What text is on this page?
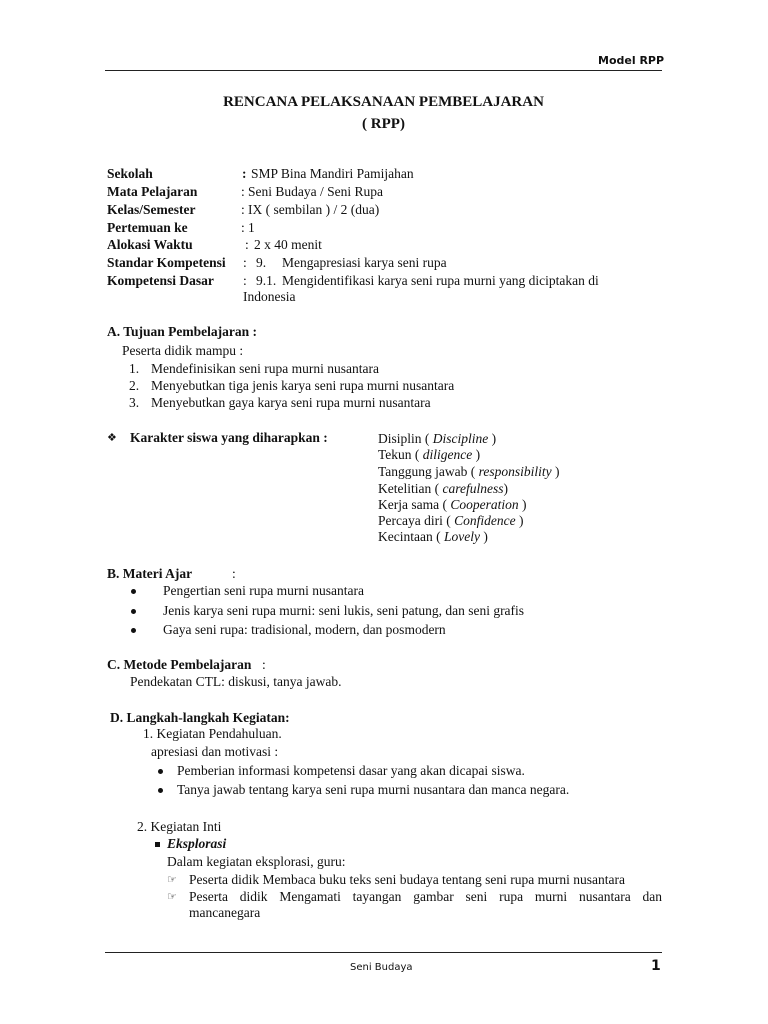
Model RPP
RENCANA PELAKSANAAN PEMBELAJARAN
( RPP)
Sekolah	: SMP Bina Mandiri Pamijahan
Mata Pelajaran	: Seni Budaya / Seni Rupa
Kelas/Semester	: IX ( sembilan ) / 2 (dua)
Pertemuan ke	: 1
Alokasi Waktu	: 2 x 40 menit
Standar Kompetensi : 9. Mengapresiasi karya seni rupa
Kompetensi Dasar : 9.1. Mengidentifikasi karya seni rupa murni yang diciptakan di
Indonesia
A. Tujuan Pembelajaran :
Peserta didik mampu :
1. Mendefinisikan seni rupa murni nusantara
2. Menyebutkan tiga jenis karya seni rupa murni nusantara
3. Menyebutkan gaya karya seni rupa murni nusantara
❖ Karakter siswa yang diharapkan :	Disiplin ( Discipline )
Tekun ( diligence )
Tanggung jawab ( responsibility )
Ketelitian ( carefulness)
Kerja sama ( Cooperation )
Percaya diri ( Confidence )
Kecintaan ( Lovely )
B. Materi Ajar	:
Pengertian seni rupa murni nusantara
Jenis karya seni rupa murni: seni lukis, seni patung, dan seni grafis
Gaya seni rupa: tradisional, modern, dan posmodern
C. Metode Pembelajaran :
Pendekatan CTL: diskusi, tanya jawab.
D. Langkah-langkah Kegiatan:
1. Kegiatan Pendahuluan.
apresiasi dan motivasi :
Pemberian informasi kompetensi dasar yang akan dicapai siswa.
Tanya jawab tentang karya seni rupa murni nusantara dan manca negara.
2. Kegiatan Inti
Eksplorasi
Dalam kegiatan eksplorasi, guru:
☞ Peserta didik Membaca buku teks seni budaya tentang seni rupa murni nusantara
☞ Peserta didik Mengamati tayangan gambar seni rupa murni nusantara dan
mancanegara
Seni Budaya	1
